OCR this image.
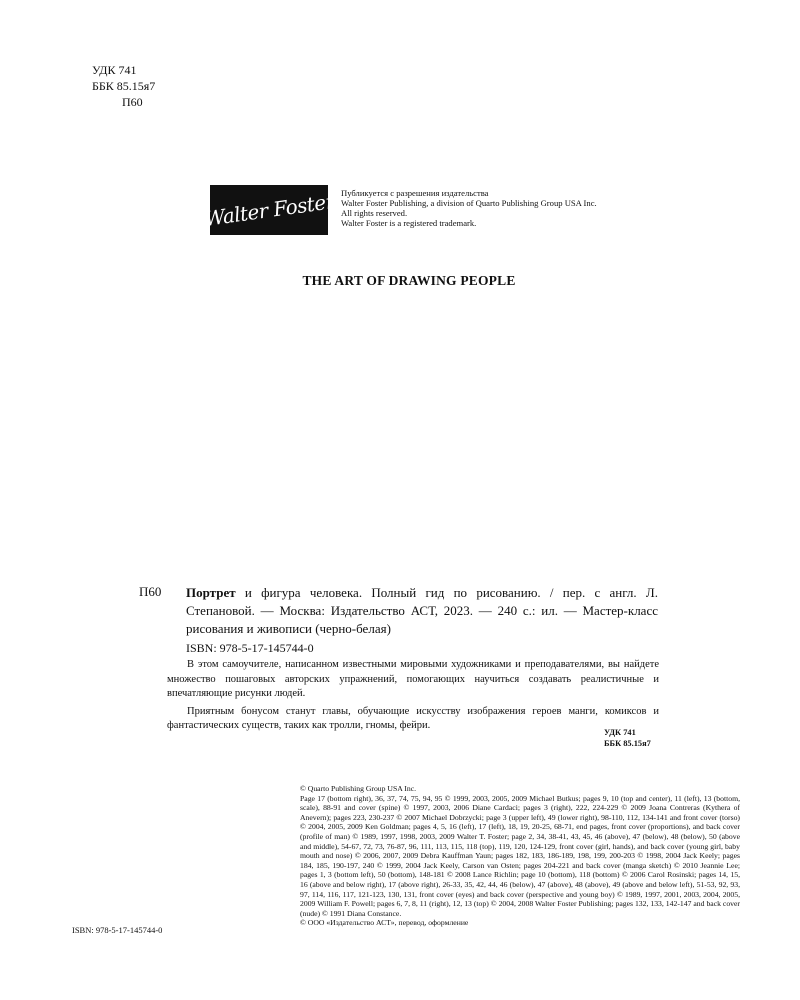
УДК 741
ББК 85.15я7
П60
Walter Foster Публикуется с разрешения издательства
Walter Foster Publishing, a division of Quarto Publishing Group USA Inc.
All rights reserved.
Walter Foster is a registered trademark.
THE ART OF DRAWING PEOPLE
П60 Портрет и фигура человека. Полный гид по рисованию. / пер. с англ. Л. Степановой. — Москва: Издательство АСТ, 2023. — 240 с.: ил. — Мастер-класс рисования и живописи (черно-белая)
ISBN: 978-5-17-145744-0

В этом самоучителе, написанном известными мировыми художниками и преподавателями, вы найдете множество пошаговых авторских упражнений, помогающих научиться создавать реалистичные и впечатляющие рисунки людей.

Приятным бонусом станут главы, обучающие искусству изображения героев манги, комиксов и фантастических существ, таких как тролли, гномы, фейри.

УДК 741
ББК 85.15я7
© Quarto Publishing Group USA Inc.
Page 17 (bottom right), 36, 37, 74, 75, 94, 95 © 1999, 2003, 2005, 2009 Michael Butkus; pages 9, 10 (top and center), 11 (left), 13 (bottom, scale), 88-91 and cover (spine) © 1997, 2003, 2006 Diane Cardaci; pages 3 (right), 222, 224-229 © 2009 Joana Contreras (Kythera of Anevern); pages 223, 230-237 © 2007 Michael Dobrzycki; page 3 (upper left), 49 (lower right), 98-110, 112, 134-141 and front cover (torso) © 2004, 2005, 2009 Ken Goldman; pages 4, 5, 16 (left), 17 (left), 18, 19, 20-25, 68-71, end pages, front cover (proportions), and back cover (profile of man) © 1989, 1997, 1998, 2003, 2009 Walter T. Foster; page 2, 34, 38-41, 43, 45, 46 (above), 47 (below), 48 (below), 50 (above and middle), 54-67, 72, 73, 76-87, 96, 111, 113, 115, 118 (top), 119, 120, 124-129, front cover (girl, hands), and back cover (young girl, baby mouth and nose) © 2006, 2007, 2009 Debra Kauffman Yaun; pages 182, 183, 186-189, 198, 199, 200-203 © 1998, 2004 Jack Keely; pages 184, 185, 190-197, 240 © 1999, 2004 Jack Keely, Carson van Osten; pages 204-221 and back cover (manga sketch) © 2010 Jeannie Lee; pages 1, 3 (bottom left), 50 (bottom), 148-181 © 2008 Lance Richlin; page 10 (bottom), 118 (bottom) © 2006 Carol Rosinski; pages 14, 15, 16 (above and below right), 17 (above right), 26-33, 35, 42, 44, 46 (below), 47 (above), 48 (above), 49 (above and below left), 51-53, 92, 93, 97, 114, 116, 117, 121-123, 130, 131, front cover (eyes) and back cover (perspective and young boy) © 1989, 1997, 2001, 2003, 2004, 2005, 2009 William F. Powell; pages 6, 7, 8, 11 (right), 12, 13 (top) © 2004, 2008 Walter Foster Publishing; pages 132, 133, 142-147 and back cover (nude) © 1991 Diana Constance.
© ООО «Издательство АСТ», перевод, оформление
ISBN: 978-5-17-145744-0
